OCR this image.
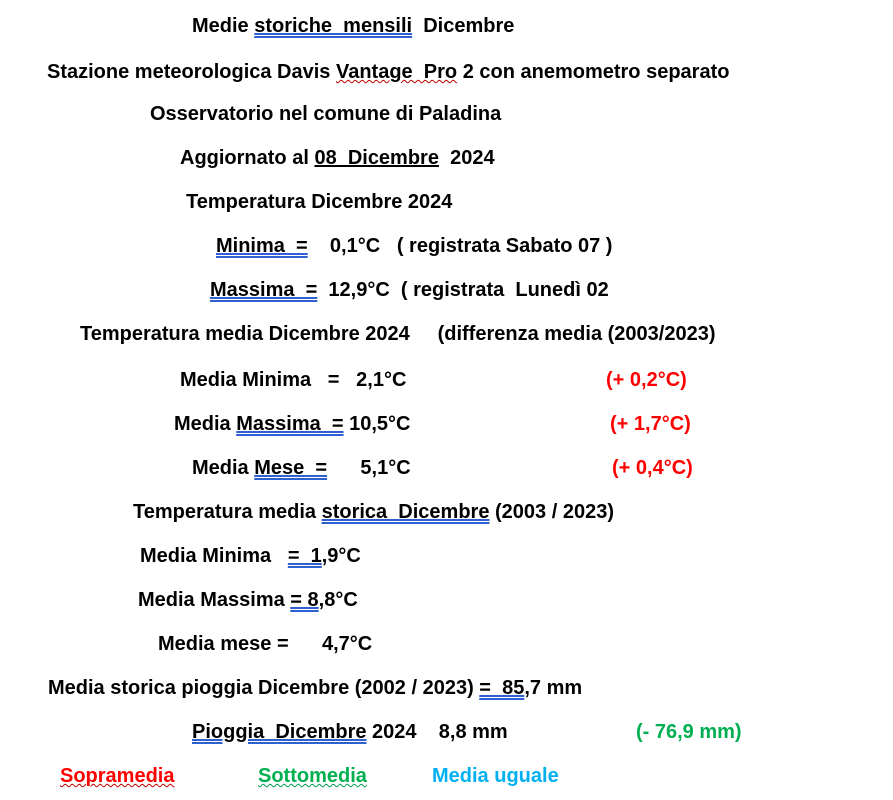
Medie storiche  mensili  Dicembre
Stazione meteorologica Davis Vantage  Pro 2 con anemometro separato
Osservatorio nel comune di Paladina
Aggiornato al 08  Dicembre  2024
Temperatura Dicembre 2024
Minima  =    0,1°C   ( registrata Sabato 07 )
Massima  =  12,9°C  ( registrata  Lunedì 02
Temperatura media Dicembre 2024     (differenza media (2003/2023)
Media Minima   =   2,1°C	(+ 0,2°C)
Media Massima  = 10,5°C	(+ 1,7°C)
Media Mese  =      5,1°C	(+ 0,4°C)
Temperatura media storica  Dicembre (2003 / 2023)
Media Minima   =  1,9°C
Media Massima = 8,8°C
Media mese =      4,7°C
Media storica pioggia Dicembre (2002 / 2023) =  85,7 mm
Pioggia  Dicembre 2024    8,8 mm	(- 76,9 mm)
Sopramedia	Sottomedia	Media uguale
